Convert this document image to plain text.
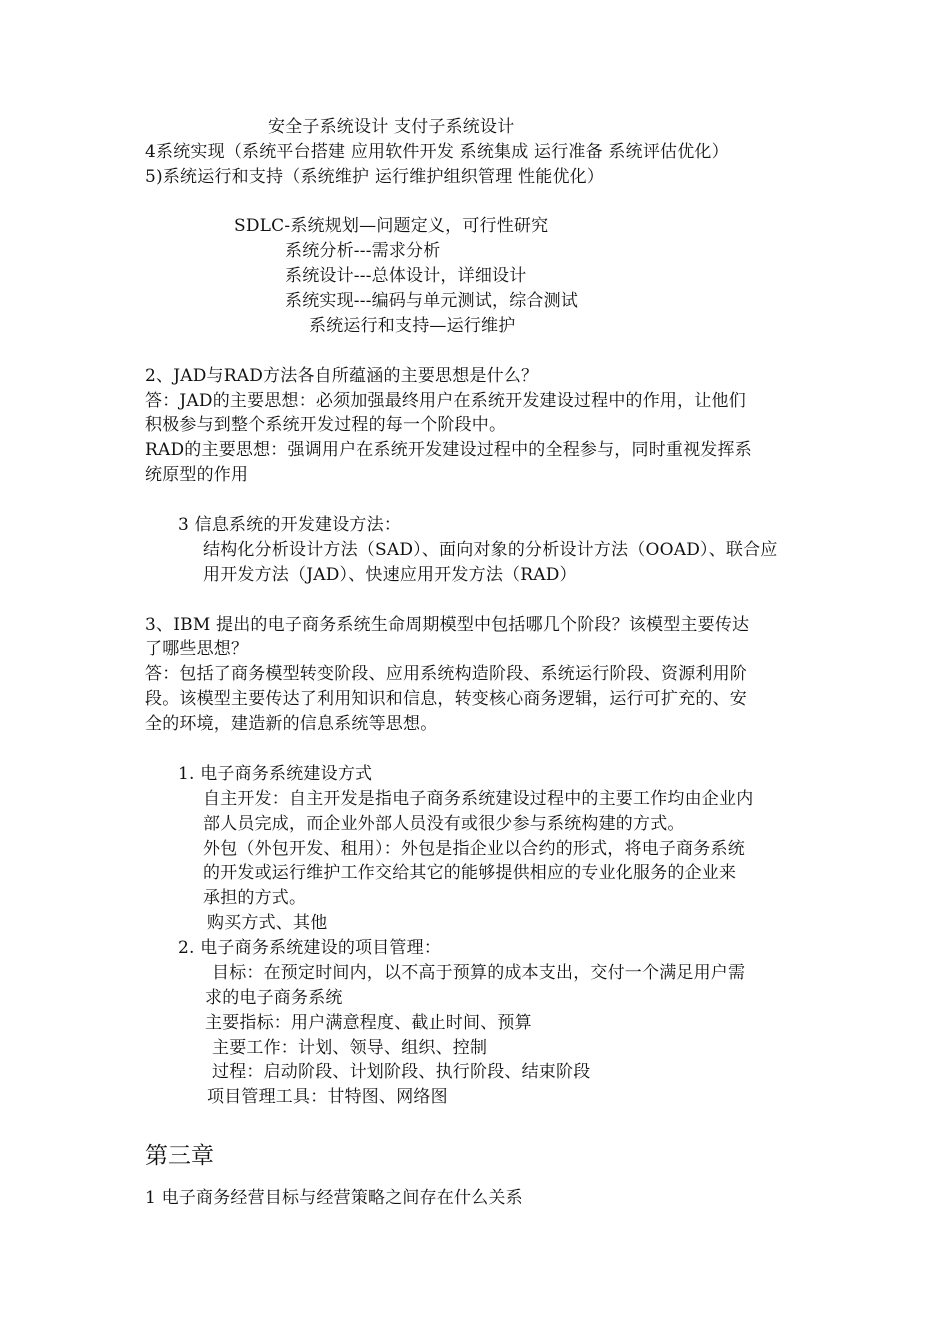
安全子系统设计 支付子系统设计
4系统实现（系统平台搭建 应用软件开发 系统集成 运行准备 系统评估优化）
5)系统运行和支持（系统维护 运行维护组织管理 性能优化）
SDLC-系统规划—问题定义，可行性研究
系统分析---需求分析
系统设计---总体设计，详细设计
系统实现---编码与单元测试，综合测试
系统运行和支持—运行维护
2、JAD与RAD方法各自所蕴涵的主要思想是什么？
答：JAD的主要思想：必须加强最终用户在系统开发建设过程中的作用，让他们
积极参与到整个系统开发过程的每一个阶段中。
RAD的主要思想：强调用户在系统开发建设过程中的全程参与，同时重视发挥系
统原型的作用
3 信息系统的开发建设方法：
结构化分析设计方法（SAD）、面向对象的分析设计方法（OOAD）、联合应
用开发方法（JAD）、快速应用开发方法（RAD）
3、IBM 提出的电子商务系统生命周期模型中包括哪几个阶段？该模型主要传达
了哪些思想？
答：包括了商务模型转变阶段、应用系统构造阶段、系统运行阶段、资源利用阶
段。该模型主要传达了利用知识和信息，转变核心商务逻辑，运行可扩充的、安
全的环境，建造新的信息系统等思想。
1. 电子商务系统建设方式
自主开发：自主开发是指电子商务系统建设过程中的主要工作均由企业内
部人员完成，而企业外部人员没有或很少参与系统构建的方式。
外包（外包开发、租用）：外包是指企业以合约的形式，将电子商务系统
的开发或运行维护工作交给其它的能够提供相应的专业化服务的企业来
承担的方式。
购买方式、其他
2. 电子商务系统建设的项目管理：
目标：在预定时间内，以不高于预算的成本支出，交付一个满足用户需
求的电子商务系统
主要指标：用户满意程度、截止时间、预算
主要工作：计划、领导、组织、控制
过程：启动阶段、计划阶段、执行阶段、结束阶段
项目管理工具：甘特图、网络图
第三章
1 电子商务经营目标与经营策略之间存在什么关系
